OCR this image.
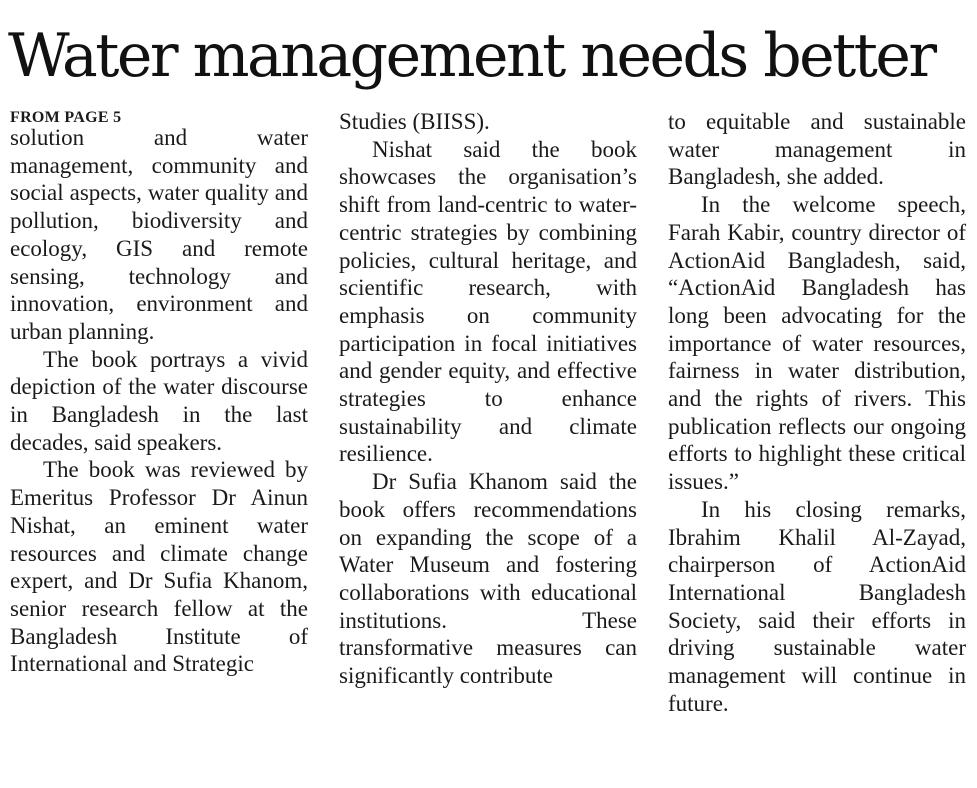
Water management needs better
FROM PAGE 5

solution and water management, community and social aspects, water quality and pollution, biodiversity and ecology, GIS and remote sensing, technology and innovation, environment and urban planning.

The book portrays a vivid depiction of the water discourse in Bangladesh in the last decades, said speakers.

The book was reviewed by Emeritus Professor Dr Ainun Nishat, an eminent water resources and climate change expert, and Dr Sufia Khanom, senior research fellow at the Bangladesh Institute of International and Strategic

Studies (BIISS).

Nishat said the book showcases the organisation’s shift from land-centric to water-centric strategies by combining policies, cultural heritage, and scientific research, with emphasis on community participation in focal initiatives and gender equity, and effective strategies to enhance sustainability and climate resilience.

Dr Sufia Khanom said the book offers recommendations on expanding the scope of a Water Museum and fostering collaborations with educational institutions. These transformative measures can significantly contribute

to equitable and sustainable water management in Bangladesh, she added.

In the welcome speech, Farah Kabir, country director of ActionAid Bangladesh, said, “ActionAid Bangladesh has long been advocating for the importance of water resources, fairness in water distribution, and the rights of rivers. This publication reflects our ongoing efforts to highlight these critical issues.”

In his closing remarks, Ibrahim Khalil Al-Zayad, chairperson of ActionAid International Bangladesh Society, said their efforts in driving sustainable water management will continue in future.
